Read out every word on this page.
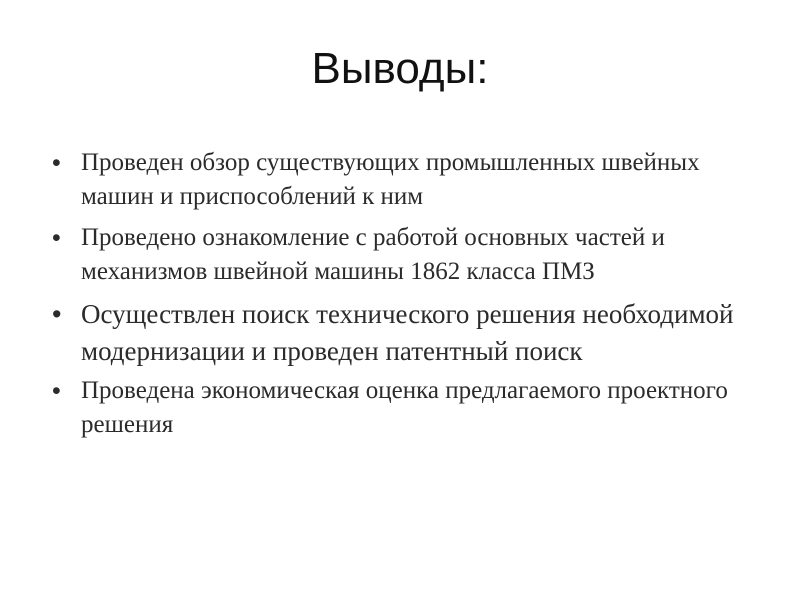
Выводы:
• Проведен обзор существующих промышленных швейных машин и приспособлений к ним
• Проведено ознакомление с работой основных частей и механизмов швейной машины 1862 класса ПМЗ
• Осуществлен поиск технического решения необходимой модернизации и проведен патентный поиск
• Проведена экономическая оценка предлагаемого проектного решения
